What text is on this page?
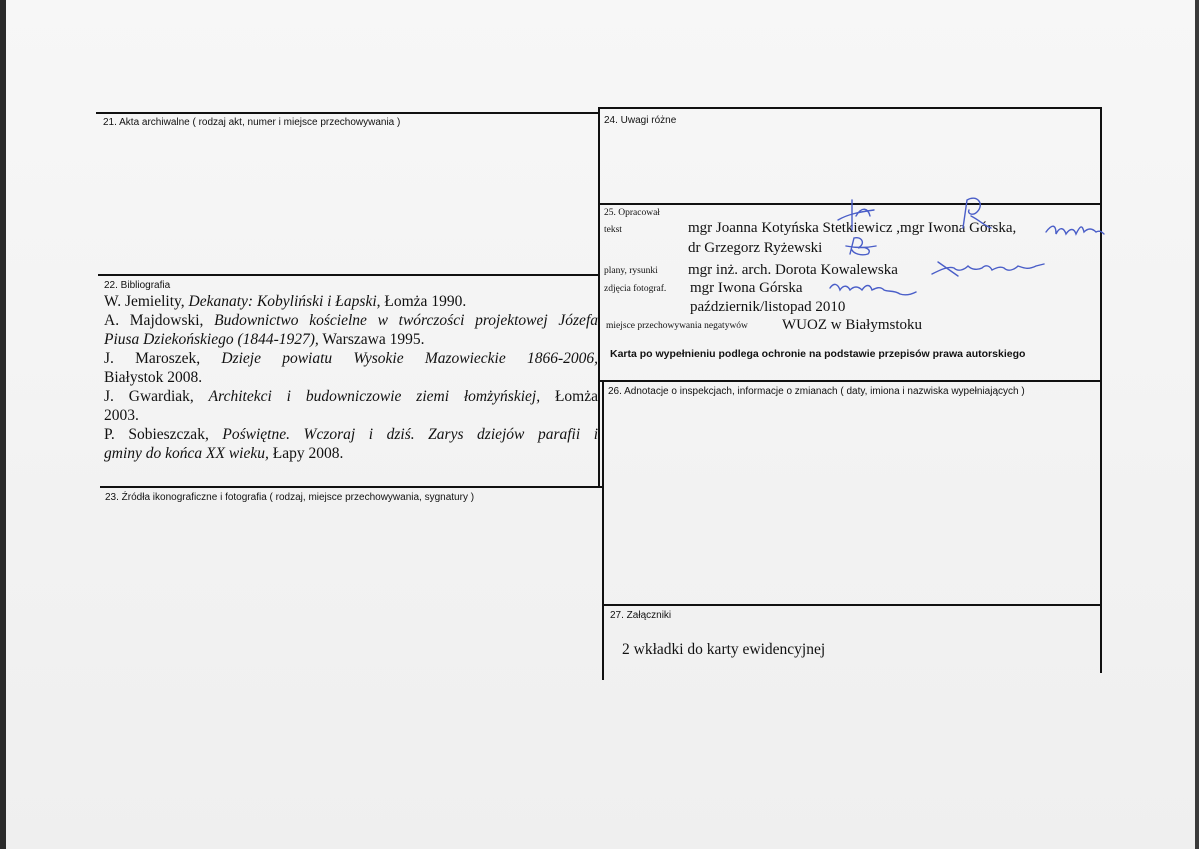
21. Akta archiwalne ( rodzaj akt, numer i miejsce przechowywania )
22. Bibliografia

W. Jemielity, Dekanaty: Kobyliński i Łapski, Łomża 1990.

A. Majdowski, Budownictwo kościelne w twórczości projektowej Józefa

Piusa Dziekońskiego (1844-1927), Warszawa 1995.

J. Maroszek, Dzieje powiatu Wysokie Mazowieckie 1866-2006,

Białystok 2008.

J. Gwardiak, Architekci i budowniczowie ziemi łomżyńskiej, Łomża

2003.

P. Sobieszczak, Poświętne. Wczoraj i dziś. Zarys dziejów parafii i

gminy do końca XX wieku, Łapy 2008.

23. Źródła ikonograficzne i fotografia ( rodzaj, miejsce przechowywania, sygnatury )
24. Uwagi różne
25. Opracował
tekst	mgr Joanna Kotyńska Stetkiewicz ,mgr Iwona Górska,
dr Grzegorz Ryżewski
plany, rysunki mgr inż. arch. Dorota Kowalewska
zdjęcia fotograf. mgr Iwona Górska
październik/listopad 2010
miejsce przechowywania negatywów WUOZ w Białymstoku
Karta po wypełnieniu podlega ochronie na podstawie przepisów prawa autorskiego
26. Adnotacje o inspekcjach, informacje o zmianach ( daty, imiona i nazwiska wypełniających )
27. Załączniki
2 wkładki do karty ewidencyjnej
